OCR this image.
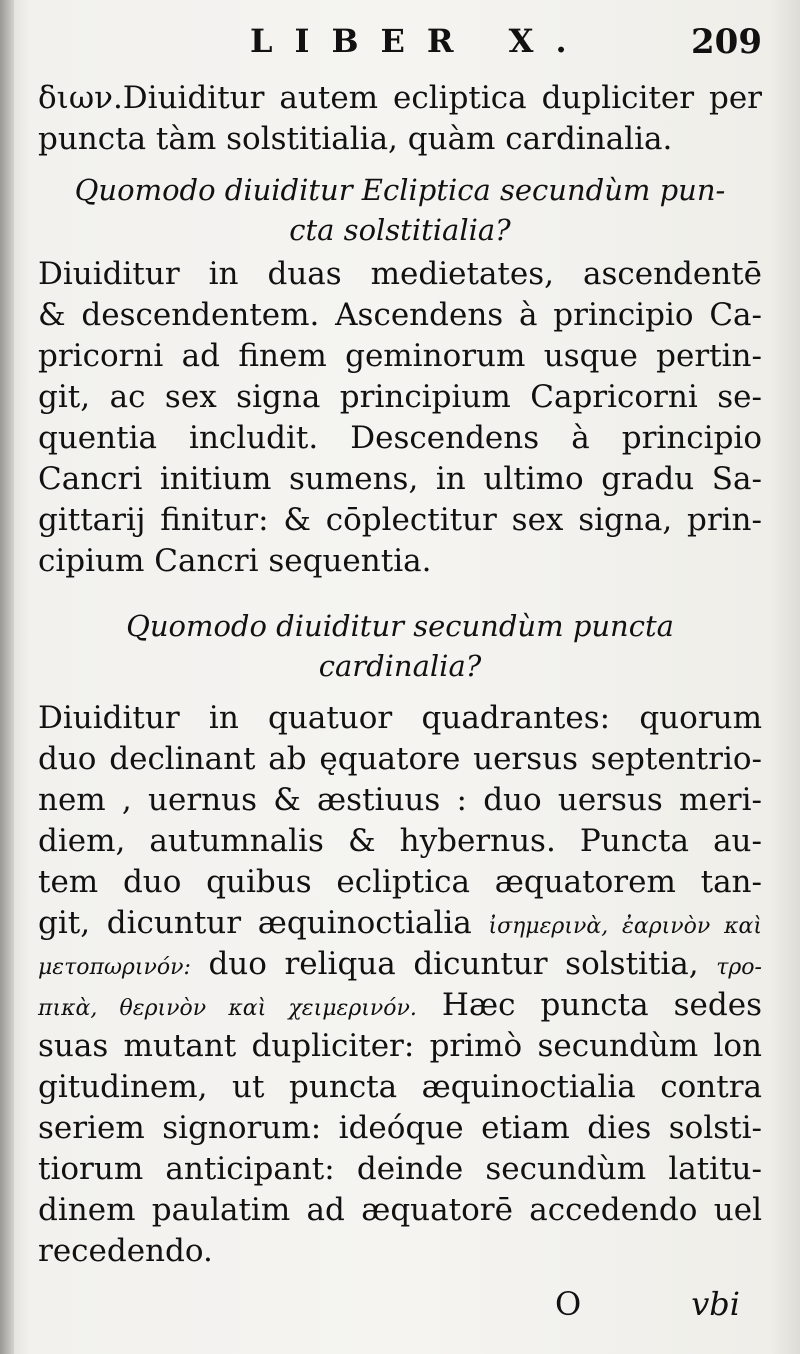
LIBER X.	209
διων.Diuiditur autem ecliptica dupliciter per
puncta tàm solstitialia, quàm cardinalia.
Quomodo diuiditur Ecliptica secundùm pun-
cta solstitialia?
Diuiditur in duas medietates, ascendentē
& descendentem. Ascendens à principio Ca-
pricorni ad finem geminorum usque pertin-
git, ac sex signa principium Capricorni se-
quentia includit. Descendens à principio
Cancri initium sumens, in ultimo gradu Sa-
gittarij finitur: & cōplectitur sex signa, prin-
cipium Cancri sequentia.
Quomodo diuiditur secundùm puncta
cardinalia?
Diuiditur in quatuor quadrantes: quorum
duo declinant ab ęquatore uersus septentrio-
nem , uernus & æstiuus : duo uersus meri-
diem, autumnalis & hybernus. Puncta au-
tem duo quibus ecliptica æquatorem tan-
git, dicuntur æquinoctialia ἰσημερινὰ, ἐαρινὸν καὶ
μετοπωρινόν: duo reliqua dicuntur solstitia, τρο-
πικὰ, θερινὸν καὶ χειμερινόν. Hæc puncta sedes
suas mutant dupliciter: primò secundùm lon
gitudinem, ut puncta æquinoctialia contra
seriem signorum: ideóque etiam dies solsti-
tiorum anticipant: deinde secundùm latitu-
dinem paulatim ad æquatorē accedendo uel
recedendo.
O	vbi
